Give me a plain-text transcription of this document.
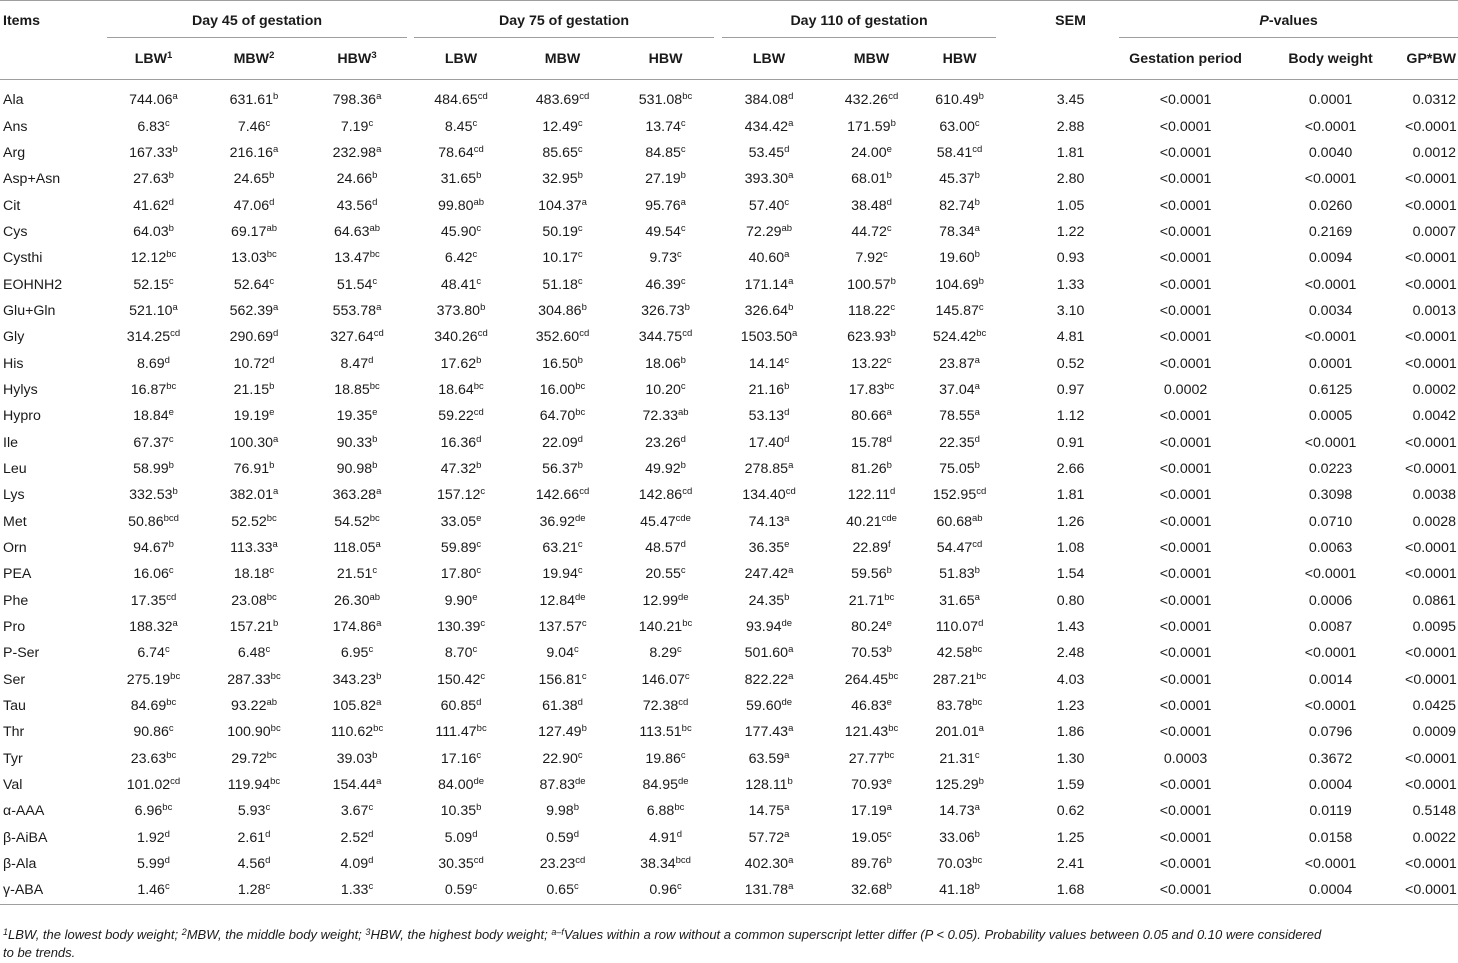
Items	Day 45 of gestation			Day 75 of gestation			Day 110 of gestation			SEM	P-values		

	LBW$^1$	MBW$^2$	HBW$^3$	LBW	MBW	HBW	LBW	MBW	HBW		Gestation period	Body weight	GP*BW
Ala	744.06$^a$	631.61$^b$	798.36$^a$	484.65$^{cd}$	483.69$^{cd}$	531.08$^{bc}$	384.08$^d$	432.26$^{cd}$	610.49$^b$	3.45	<0.0001	0.0001	0.0312
Ans	6.83$^c$	7.46$^c$	7.19$^c$	8.45$^c$	12.49$^c$	13.74$^c$	434.42$^a$	171.59$^b$	63.00$^c$	2.88	<0.0001	<0.0001	<0.0001
Arg	167.33$^b$	216.16$^a$	232.98$^a$	78.64$^{cd}$	85.65$^c$	84.85$^c$	53.45$^d$	24.00e	58.41$^{cd}$	1.81	<0.0001	0.0040	0.0012
Asp+Asn	27.63$^b$	24.65$^b$	24.66$^b$	31.65$^b$	32.95$^b$	27.19$^b$	393.30$^a$	68.01$^b$	45.37$^b$	2.80	<0.0001	<0.0001	<0.0001
Cit	41.62$^d$	47.06$^d$	43.56$^d$	99.80$^{ab}$	104.37$^a$	95.76$^a$	57.40$^c$	38.48$^d$	82.74$^b$	1.05	<0.0001	0.0260	<0.0001
Cys	64.03$^b$	69.17$^{ab}$	64.63$^{ab}$	45.90$^c$	50.19$^c$	49.54$^c$	72.29$^{ab}$	44.72$^c$	78.34$^a$	1.22	<0.0001	0.2169	0.0007
Cysthi	12.12$^{bc}$	13.03$^{bc}$	13.47$^{bc}$	6.42$^c$	10.17$^c$	9.73$^c$	40.60$^a$	7.92$^c$	19.60$^b$	0.93	<0.0001	0.0094	<0.0001
EOHNH2	52.15$^c$	52.64$^c$	51.54$^c$	48.41$^c$	51.18$^c$	46.39$^c$	171.14$^a$	100.57$^b$	104.69$^b$	1.33	<0.0001	<0.0001	<0.0001
Glu+Gln	521.10$^a$	562.39$^a$	553.78$^a$	373.80$^b$	304.86$^b$	326.73$^b$	326.64$^b$	118.22$^c$	145.87$^c$	3.10	<0.0001	0.0034	0.0013
Gly	314.25$^{cd}$	290.69$^d$	327.64$^{cd}$	340.26$^{cd}$	352.60$^{cd}$	344.75$^{cd}$	1503.50$^a$	623.93$^b$	524.42$^{bc}$	4.81	<0.0001	<0.0001	<0.0001
His	8.69$^d$	10.72$^d$	8.47$^d$	17.62$^b$	16.50$^b$	18.06$^b$	14.14$^c$	13.22$^c$	23.87$^a$	0.52	<0.0001	0.0001	<0.0001
Hylys	16.87$^{bc}$	21.15$^b$	18.85$^{bc}$	18.64$^{bc}$	16.00$^{bc}$	10.20$^c$	21.16$^b$	17.83$^{bc}$	37.04$^a$	0.97	0.0002	0.6125	0.0002
Hypro	18.84e	19.19e	19.35e	59.22$^{cd}$	64.70$^{bc}$	72.33$^{ab}$	53.13$^d$	80.66$^a$	78.55$^a$	1.12	<0.0001	0.0005	0.0042
Ile	67.37$^c$	100.30$^a$	90.33$^b$	16.36$^d$	22.09$^d$	23.26$^d$	17.40$^d$	15.78$^d$	22.35$^d$	0.91	<0.0001	<0.0001	<0.0001
Leu	58.99$^b$	76.91$^b$	90.98$^b$	47.32$^b$	56.37$^b$	49.92$^b$	278.85$^a$	81.26$^b$	75.05$^b$	2.66	<0.0001	0.0223	<0.0001
Lys	332.53$^b$	382.01$^a$	363.28$^a$	157.12$^c$	142.66$^{cd}$	142.86$^{cd}$	134.40$^{cd}$	122.11$^d$	152.95$^{cd}$	1.81	<0.0001	0.3098	0.0038
Met	50.86$^{bcd}$	52.52$^{bc}$	54.52$^{bc}$	33.05e	36.92de	45.47$^{cde}$	74.13$^a$	40.21$^{cde}$	60.68$^{ab}$	1.26	<0.0001	0.0710	0.0028
Orn	94.67$^b$	113.33$^a$	118.05$^a$	59.89$^c$	63.21$^c$	48.57$^d$	36.35e	22.89$^f$	54.47$^{cd}$	1.08	<0.0001	0.0063	<0.0001
PEA	16.06$^c$	18.18$^c$	21.51$^c$	17.80$^c$	19.94$^c$	20.55$^c$	247.42$^a$	59.56$^b$	51.83$^b$	1.54	<0.0001	<0.0001	<0.0001
Phe	17.35$^{cd}$	23.08$^{bc}$	26.30$^{ab}$	9.90e	12.84de	12.99de	24.35$^b$	21.71$^{bc}$	31.65$^a$	0.80	<0.0001	0.0006	0.0861
Pro	188.32$^a$	157.21$^b$	174.86$^a$	130.39$^c$	137.57$^c$	140.21$^{bc}$	93.94de	80.24e	110.07$^d$	1.43	<0.0001	0.0087	0.0095
P-Ser	6.74$^c$	6.48$^c$	6.95$^c$	8.70$^c$	9.04$^c$	8.29$^c$	501.60$^a$	70.53$^b$	42.58$^{bc}$	2.48	<0.0001	<0.0001	<0.0001
Ser	275.19$^{bc}$	287.33$^{bc}$	343.23$^b$	150.42$^c$	156.81$^c$	146.07$^c$	822.22$^a$	264.45$^{bc}$	287.21$^{bc}$	4.03	<0.0001	0.0014	<0.0001
Tau	84.69$^{bc}$	93.22$^{ab}$	105.82$^a$	60.85$^d$	61.38$^d$	72.38$^{cd}$	59.60de	46.83e	83.78$^{bc}$	1.23	<0.0001	<0.0001	0.0425
Thr	90.86$^c$	100.90$^{bc}$	110.62$^{bc}$	111.47$^{bc}$	127.49$^b$	113.51$^{bc}$	177.43$^a$	121.43$^{bc}$	201.01$^a$	1.86	<0.0001	0.0796	0.0009
Tyr	23.63$^{bc}$	29.72$^{bc}$	39.03$^b$	17.16$^c$	22.90$^c$	19.86$^c$	63.59$^a$	27.77$^{bc}$	21.31$^c$	1.30	0.0003	0.3672	<0.0001
Val	101.02$^{cd}$	119.94$^{bc}$	154.44$^a$	84.00de	87.83de	84.95de	128.11$^b$	70.93e	125.29$^b$	1.59	<0.0001	0.0004	<0.0001
α-AAA	6.96$^{bc}$	5.93$^c$	3.67$^c$	10.35$^b$	9.98$^b$	6.88$^{bc}$	14.75$^a$	17.19$^a$	14.73$^a$	0.62	<0.0001	0.0119	0.5148
β-AiBA	1.92$^d$	2.61$^d$	2.52$^d$	5.09$^d$	0.59$^d$	4.91$^d$	57.72$^a$	19.05$^c$	33.06$^b$	1.25	<0.0001	0.0158	0.0022
β-Ala	5.99$^d$	4.56$^d$	4.09$^d$	30.35$^{cd}$	23.23$^{cd}$	38.34$^{bcd}$	402.30$^a$	89.76$^b$	70.03$^{bc}$	2.41	<0.0001	<0.0001	<0.0001
γ-ABA	1.46$^c$	1.28$^c$	1.33$^c$	0.59$^c$	0.65$^c$	0.96$^c$	131.78$^a$	32.68$^b$	41.18$^b$	1.68	<0.0001	0.0004	<0.0001
$^1$LBW, the lowest body weight; $^2$MBW, the middle body weight; $^3$HBW, the highest body weight; $^{a-f}$Values within a row without a common superscript letter differ (P < 0.05). Probability values between 0.05 and 0.10 were considered
to be trends.
